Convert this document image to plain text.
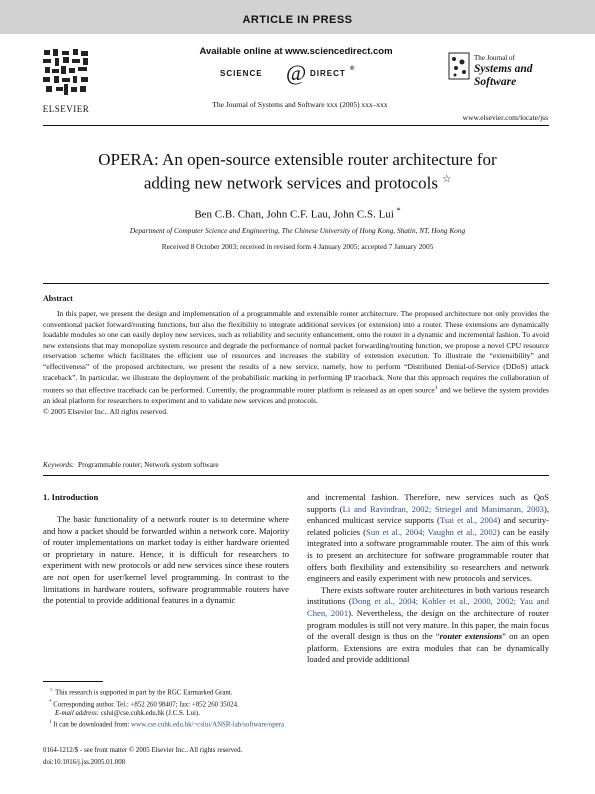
ARTICLE IN PRESS
ELSEVIER
Available online at www.sciencedirect.com
SCIENCE @ DIRECT ®
The Journal of Systems and Software xxx (2005) xxx–xxx
The Journal of
Systems and
Software
www.elsevier.com/locate/jss
OPERA: An open-source extensible router architecture for
adding new network services and protocols ☆
Ben C.B. Chan, John C.F. Lau, John C.S. Lui *
Department of Computer Science and Engineering, The Chinese University of Hong Kong, Shatin, NT, Hong Kong
Received 8 October 2003; received in revised form 4 January 2005; accepted 7 January 2005
Abstract

In this paper, we present the design and implementation of a programmable and extensible router architecture. The proposed architecture not only provides the conventional packet forward/routing functions, but also the flexibility to integrate additional services (or extension) into a router. These extensions are dynamically loadable modules so one can easily deploy new services, such as reliability and security enhancement, onto the router in a dynamic and incremental fashion. To avoid new extensions that may monopolize system resource and degrade the performance of normal packet forwarding/routing function, we propose a novel CPU resource reservation scheme which facilitates the efficient use of resources and increases the stability of extension execution. To illustrate the “extensibility” and “effectiveness” of the proposed architecture, we present the results of a new service, namely, how to perform “Distributed Denial-of-Service (DDoS) attack traceback”. In particular, we illustrate the deployment of the probabilistic marking in performing IP traceback. Note that this approach requires the collaboration of routers so that effective traceback can be performed. Currently, the programmable router platform is released as an open source$^1$ and we believe the system provides an ideal platform for researchers to experiment and to validate new services and protocols.

© 2005 Elsevier Inc.. All rights reserved.
Keywords: Programmable router; Network system software
1. Introduction

The basic functionality of a network router is to determine where and how a packet should be forwarded within a network core. Majority of router implementations on market today is either hardware oriented or proprietary in nature. Hence, it is difficult for researchers to experiment with new protocols or add new services since these routers are not open for user/kernel level programming. In contrast to the limitations in hardware routers, software programmable routers have the potential to provide additional features in a dynamic

and incremental fashion. Therefore, new services such as QoS supports (Li and Ravindran, 2002; Striegel and Manimaran, 2003), enhanced multicast service supports (Tsai et al., 2004) and security-related policies (Sun et al., 2004; Vaughn et al., 2002) can be easily integrated into a software programmable router. The aim of this work is to present an architecture for software programmable router that offers both flexibility and extensibility so researchers and network engineers and easily experiment with new protocols and services.

There exists software router architectures in both various research institutions (Dong et al., 2004; Kohler et al., 2000, 2002; Yau and Chen, 2001). Nevertheless, the design on the architecture of router program modules is still not very mature. In this paper, the main focus of the overall design is thus on the “router extensions” on an open platform. Extensions are extra modules that can be dynamically loaded and provide additional

☆ This research is supported in part by the RGC Earmarked Grant.
* Corresponding author. Tel.: +852 260 98407; fax: +852 260 35024.
E-mail address: cslui@cse.cuhk.edu.hk (J.C.S. Lui).
$^1$ It can be downloaded from: www.cse.cuhk.edu.hk/~cslui/ANSR-lab/software/opera
0164-1212/$ - see front matter © 2005 Elsevier Inc.. All rights reserved.
doi:10.1016/j.jss.2005.01.008
